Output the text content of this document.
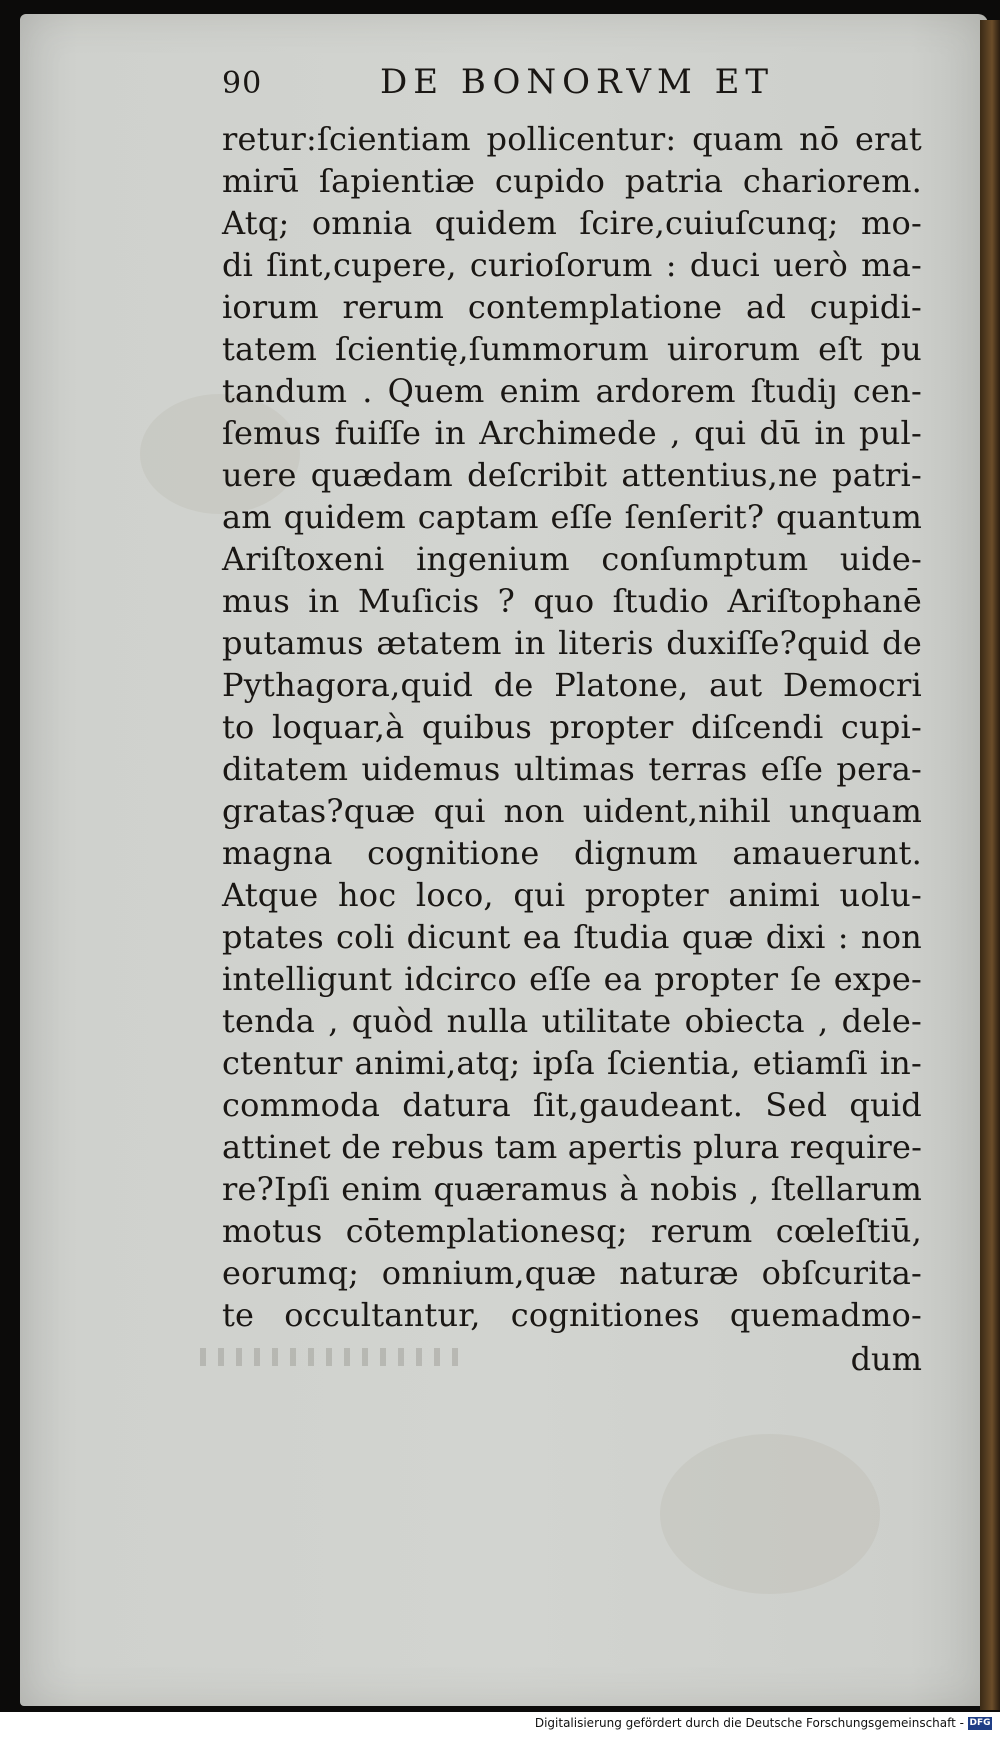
90	DE BONORVM ET
retur:ſcientiam pollicentur: quam nō erat
mirū ſapientiæ cupido patria chariorem.
Atq; omnia quidem ſcire,cuiuſcunq; mo-
di ſint,cupere, curioſorum : duci uerò ma-
iorum rerum contemplatione ad cupidi-
tatem ſcientię,ſummorum uirorum eſt pu
tandum . Quem enim ardorem ſtudiȷ cen-
ſemus fuiſſe in Archimede , qui dū in pul-
uere quædam deſcribit attentius,ne patri-
am quidem captam eſſe ſenſerit? quantum
Ariſtoxeni ingenium conſumptum uide-
mus in Muſicis ? quo ſtudio Ariſtophanē
putamus ætatem in literis duxiſſe?quid de
Pythagora,quid de Platone, aut Democri
to loquar,à quibus propter diſcendi cupi-
ditatem uidemus ultimas terras eſſe pera-
gratas?quæ qui non uident,nihil unquam
magna cognitione dignum amauerunt.
Atque hoc loco, qui propter animi uolu-
ptates coli dicunt ea ſtudia quæ dixi : non
intelligunt idcirco eſſe ea propter ſe expe-
tenda , quòd nulla utilitate obiecta , dele-
ctentur animi,atq; ipſa ſcientia, etiamſi in-
commoda datura ſit,gaudeant. Sed quid
attinet de rebus tam apertis plura require-
re?Ipſi enim quæramus à nobis , ſtellarum
motus cōtemplationesq; rerum cœleſtiū,
eorumq; omnium,quæ naturæ obſcurita-
te occultantur, cognitiones quemadmo-
dum
Digitalisierung gefördert durch die Deutsche Forschungsgemeinschaft - DFG
